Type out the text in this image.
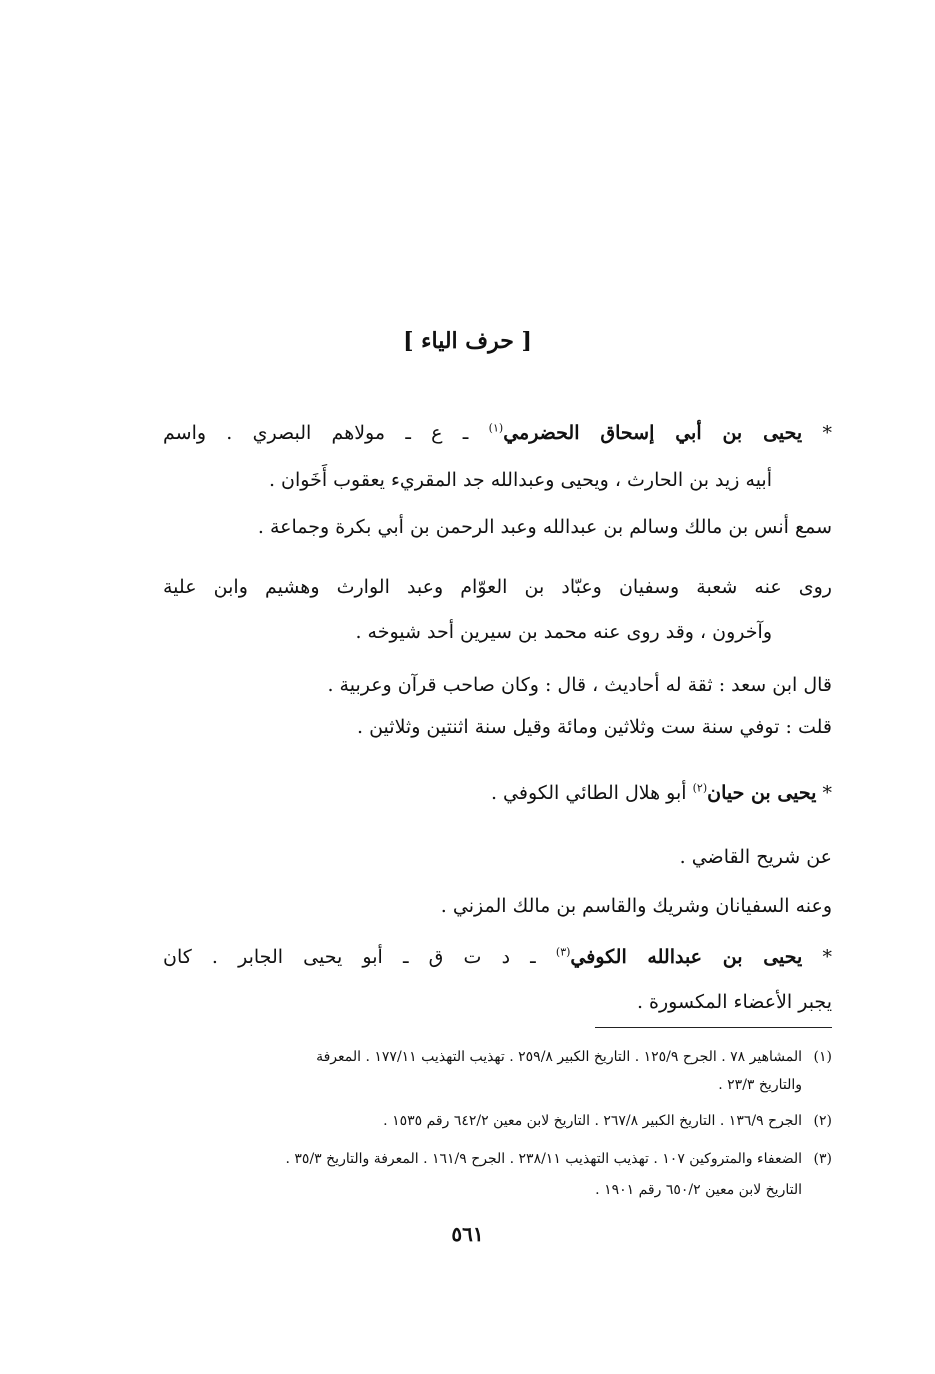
[ حرف الياء ]
* يحيى بن أبي إسحاق الحضرمي$^{(١)}$ ـ ع ـ مولاهم البصري . واسم
أبيه زيد بن الحارث ، ويحيى وعبدالله جد المقريء يعقوب أَخَوان .
سمع أنس بن مالك وسالم بن عبدالله وعبد الرحمن بن أبي بكرة وجماعة .
روى عنه شعبة وسفيان وعبّاد بن العوّام وعبد الوارث وهشيم وابن علية
وآخرون ، وقد روى عنه محمد بن سيرين أحد شيوخه .
قال ابن سعد : ثقة له أحاديث ، قال : وكان صاحب قرآن وعربية .
قلت : توفي سنة ست وثلاثين ومائة وقيل سنة اثنتين وثلاثين .
* يحيى بن حيان$^{(٢)}$ أبو هلال الطائي الكوفي .
عن شريح القاضي .
وعنه السفيانان وشريك والقاسم بن مالك المزني .
* يحيى بن عبدالله الكوفي$^{(٣)}$ ـ د ت ق ـ أبو يحيى الجابر . كان
يجبر الأعضاء المكسورة .
(١)المشاهير ٧٨ . الجرح ١٢٥/٩ . التاريخ الكبير ٢٥٩/٨ . تهذيب التهذيب ١٧٧/١١ . المعرفة
والتاريخ ٢٣/٣ .
(٢)الجرح ١٣٦/٩ . التاريخ الكبير ٢٦٧/٨ . التاريخ لابن معين ٦٤٢/٢ رقم ١٥٣٥ .
(٣)الضعفاء والمتروكين ١٠٧ . تهذيب التهذيب ٢٣٨/١١ . الجرح ١٦١/٩ . المعرفة والتاريخ ٣٥/٣ .
التاريخ لابن معين ٦٥٠/٢ رقم ١٩٠١ .
٥٦١
